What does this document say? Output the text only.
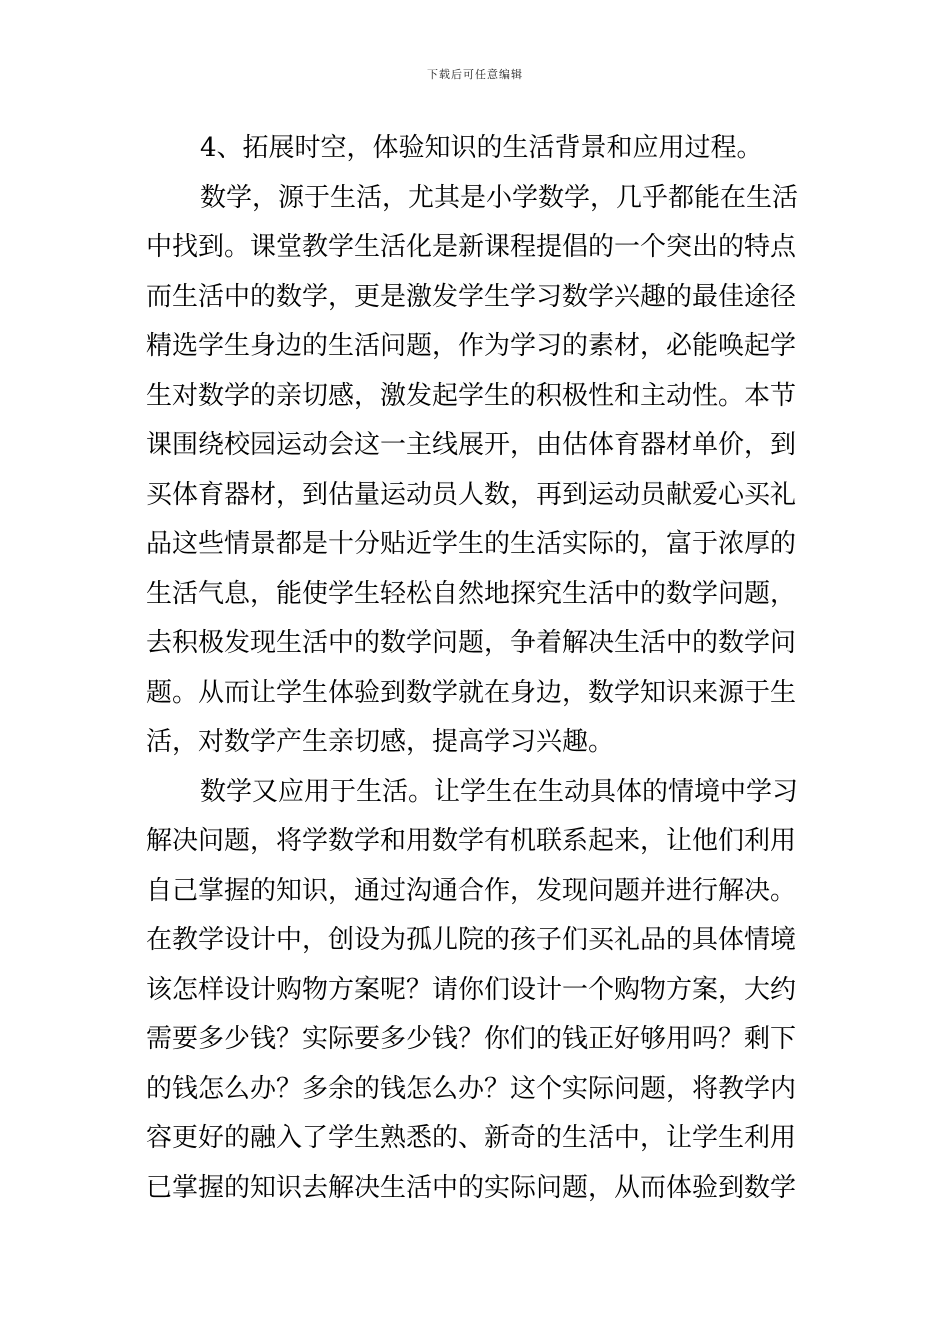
下载后可任意编辑
4、拓展时空，体验知识的生活背景和应用过程。
数学，源于生活，尤其是小学数学，几乎都能在生活
中找到。课堂教学生活化是新课程提倡的一个突出的特点
而生活中的数学，更是激发学生学习数学兴趣的最佳途径
精选学生身边的生活问题，作为学习的素材，必能唤起学
生对数学的亲切感，激发起学生的积极性和主动性。本节
课围绕校园运动会这一主线展开，由估体育器材单价，到
买体育器材，到估量运动员人数，再到运动员献爱心买礼
品这些情景都是十分贴近学生的生活实际的，富于浓厚的
生活气息，能使学生轻松自然地探究生活中的数学问题，
去积极发现生活中的数学问题，争着解决生活中的数学问
题。从而让学生体验到数学就在身边，数学知识来源于生
活，对数学产生亲切感，提高学习兴趣。
数学又应用于生活。让学生在生动具体的情境中学习
解决问题，将学数学和用数学有机联系起来，让他们利用
自己掌握的知识，通过沟通合作，发现问题并进行解决。
在教学设计中，创设为孤儿院的孩子们买礼品的具体情境
该怎样设计购物方案呢？请你们设计一个购物方案，大约
需要多少钱？实际要多少钱？你们的钱正好够用吗？剩下
的钱怎么办？多余的钱怎么办？这个实际问题，将教学内
容更好的融入了学生熟悉的、新奇的生活中，让学生利用
已掌握的知识去解决生活中的实际问题，从而体验到数学
